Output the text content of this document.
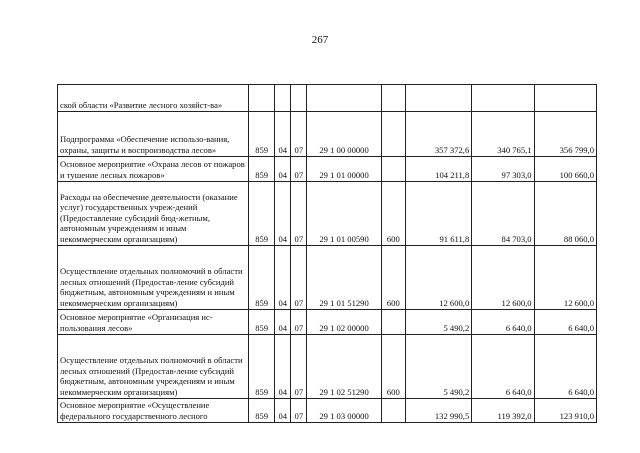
267
ской области «Развитие лесного хозяйст-ва»								
Подпрограмма «Обеспечение использо-вания, охраны, защиты и воспроизводства лесов»	859	04	07	29 1 00 00000		357 372,6	340 765,1	356 799,0
Основное мероприятие «Охрана лесов от пожаров и тушение лесных пожаров»	859	04	07	29 1 01 00000		104 211,8	97 303,0	100 660,0
Расходы на обеспечение деятельности (оказание услуг) государственных учреж-дений (Предоставление субсидий бюд-жетным, автономным учреждениям и иным некоммерческим организациям)	859	04	07	29 1 01 00590	600	91 611,8	84 703,0	88 060,0
Осуществление отдельных полномочий в области лесных отношений (Предостав-ление субсидий бюджетным, автономным учреждениям и иным некоммерческим организациям)	859	04	07	29 1 01 51290	600	12 600,0	12 600,0	12 600,0
Основное мероприятие «Организация ис-пользования лесов»	859	04	07	29 1 02 00000		5 490,2	6 640,0	6 640,0
Осуществление отдельных полномочий в области лесных отношений (Предостав-ление субсидий бюджетным, автономным учреждениям и иным некоммерческим организациям)	859	04	07	29 1 02 51290	600	5 490,2	6 640,0	6 640,0
Основное мероприятие «Осуществление федерального государственного лесного	859	04	07	29 1 03 00000		132 990,5	119 392,0	123 910,0
